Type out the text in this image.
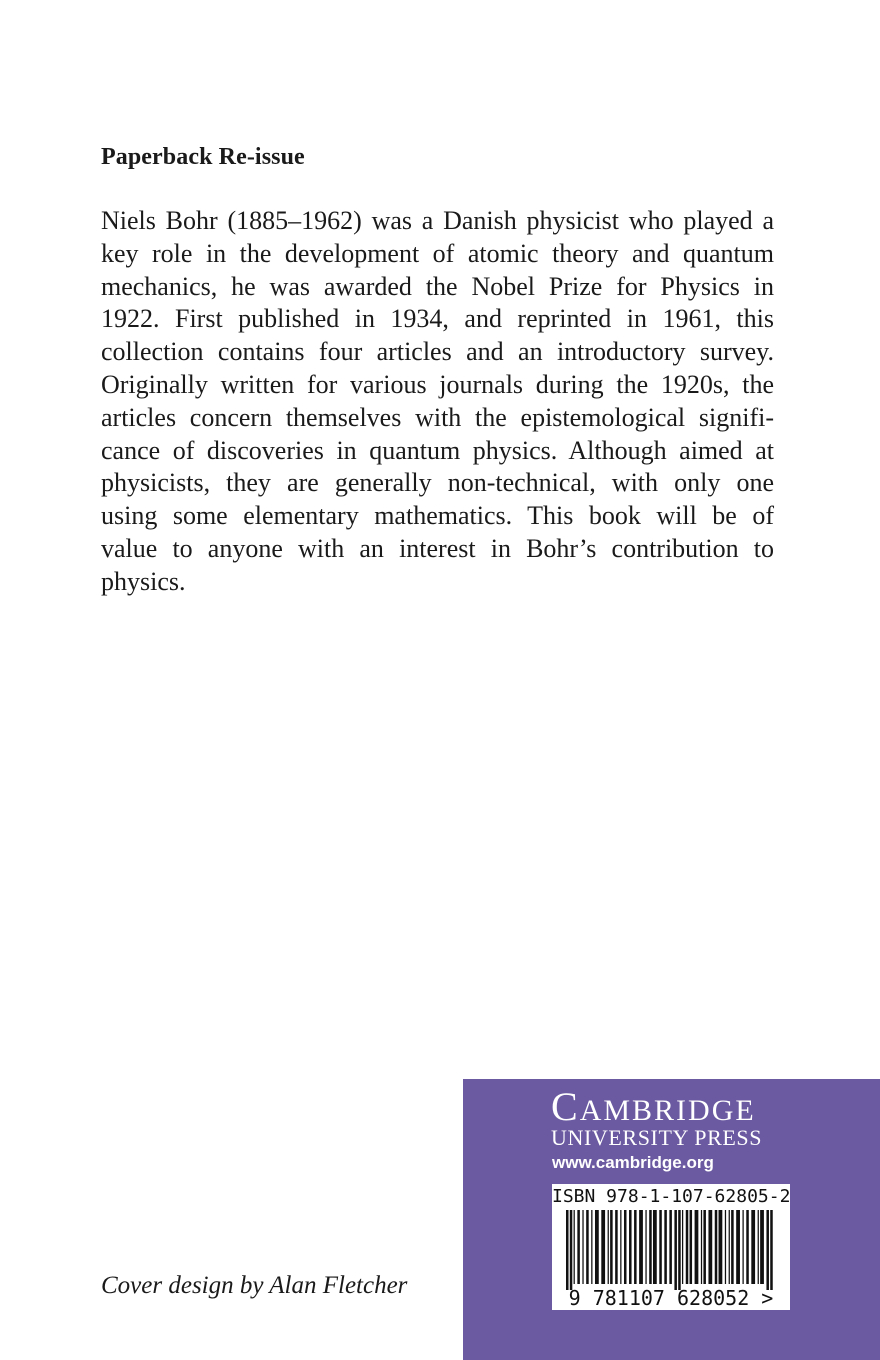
Paperback Re-issue
Niels Bohr (1885–1962) was a Danish physicist who played a
key role in the development of atomic theory and quantum
mechanics, he was awarded the Nobel Prize for Physics in
1922. First published in 1934, and reprinted in 1961, this
collection contains four articles and an introductory survey.
Originally written for various journals during the 1920s, the
articles concern themselves with the epistemological signifi-
cance of discoveries in quantum physics. Although aimed at
physicists, they are generally non-technical, with only one
using some elementary mathematics. This book will be of
value to anyone with an interest in Bohr’s contribution to
physics.

Cover design by Alan Fletcher

CAMBRIDGE
UNIVERSITY PRESS
www.cambridge.org
ISBN 978-1-107-62805-2
9 781107 628052 >
